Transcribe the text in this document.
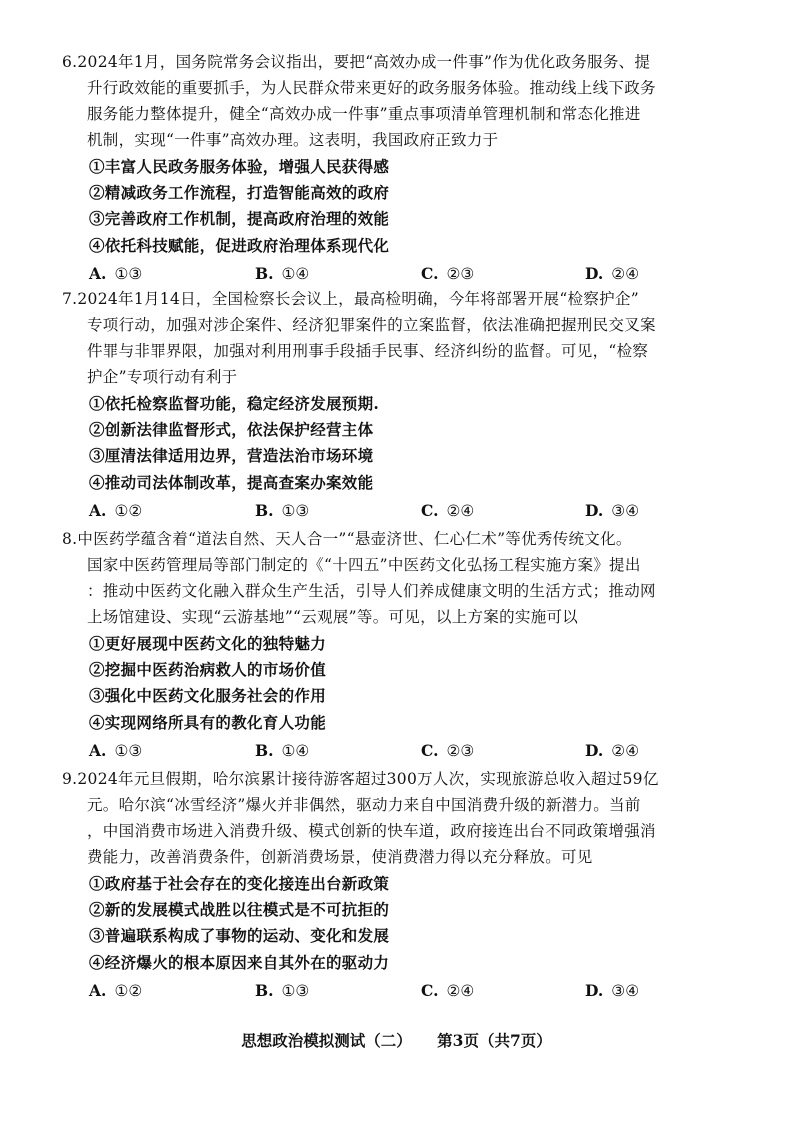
6.2024年1月，国务院常务会议指出，要把“高效办成一件事”作为优化政务服务、提
升行政效能的重要抓手，为人民群众带来更好的政务服务体验。推动线上线下政务
服务能力整体提升，健全“高效办成一件事”重点事项清单管理机制和常态化推进
机制，实现“一件事”高效办理。这表明，我国政府正致力于
①丰富人民政务服务体验，增强人民获得感
②精减政务工作流程，打造智能高效的政府
③完善政府工作机制，提高政府治理的效能
④依托科技赋能，促进政府治理体系现代化
A. ①③	B. ①④	C. ②③	D. ②④
7.2024年1月14日，全国检察长会议上，最高检明确，今年将部署开展“检察护企”
专项行动，加强对涉企案件、经济犯罪案件的立案监督，依法准确把握刑民交叉案
件罪与非罪界限，加强对利用刑事手段插手民事、经济纠纷的监督。可见，“检察
护企”专项行动有利于
①依托检察监督功能，稳定经济发展预期.
②创新法律监督形式，依法保护经营主体
③厘清法律适用边界，营造法治市场环境
④推动司法体制改革，提高查案办案效能
A. ①②	B. ①③	C. ②④	D. ③④
8.中医药学蕴含着“道法自然、天人合一”“悬壶济世、仁心仁术”等优秀传统文化。
国家中医药管理局等部门制定的《“十四五”中医药文化弘扬工程实施方案》提出
：推动中医药文化融入群众生产生活，引导人们养成健康文明的生活方式；推动网
上场馆建设、实现“云游基地”“云观展”等。可见，以上方案的实施可以
①更好展现中医药文化的独特魅力
②挖掘中医药治病救人的市场价值
③强化中医药文化服务社会的作用
④实现网络所具有的教化育人功能
A. ①③	B. ①④	C. ②③	D. ②④
9.2024年元旦假期，哈尔滨累计接待游客超过300万人次，实现旅游总收入超过59亿
元。哈尔滨“冰雪经济”爆火并非偶然，驱动力来自中国消费升级的新潜力。当前
，中国消费市场进入消费升级、模式创新的快车道，政府接连出台不同政策增强消
费能力，改善消费条件，创新消费场景，使消费潜力得以充分释放。可见
①政府基于社会存在的变化接连出台新政策
②新的发展模式战胜以往模式是不可抗拒的
③普遍联系构成了事物的运动、变化和发展
④经济爆火的根本原因来自其外在的驱动力
A. ①②	B. ①③	C. ②④	D. ③④
思想政治模拟测试（二） 第3页（共7页）
